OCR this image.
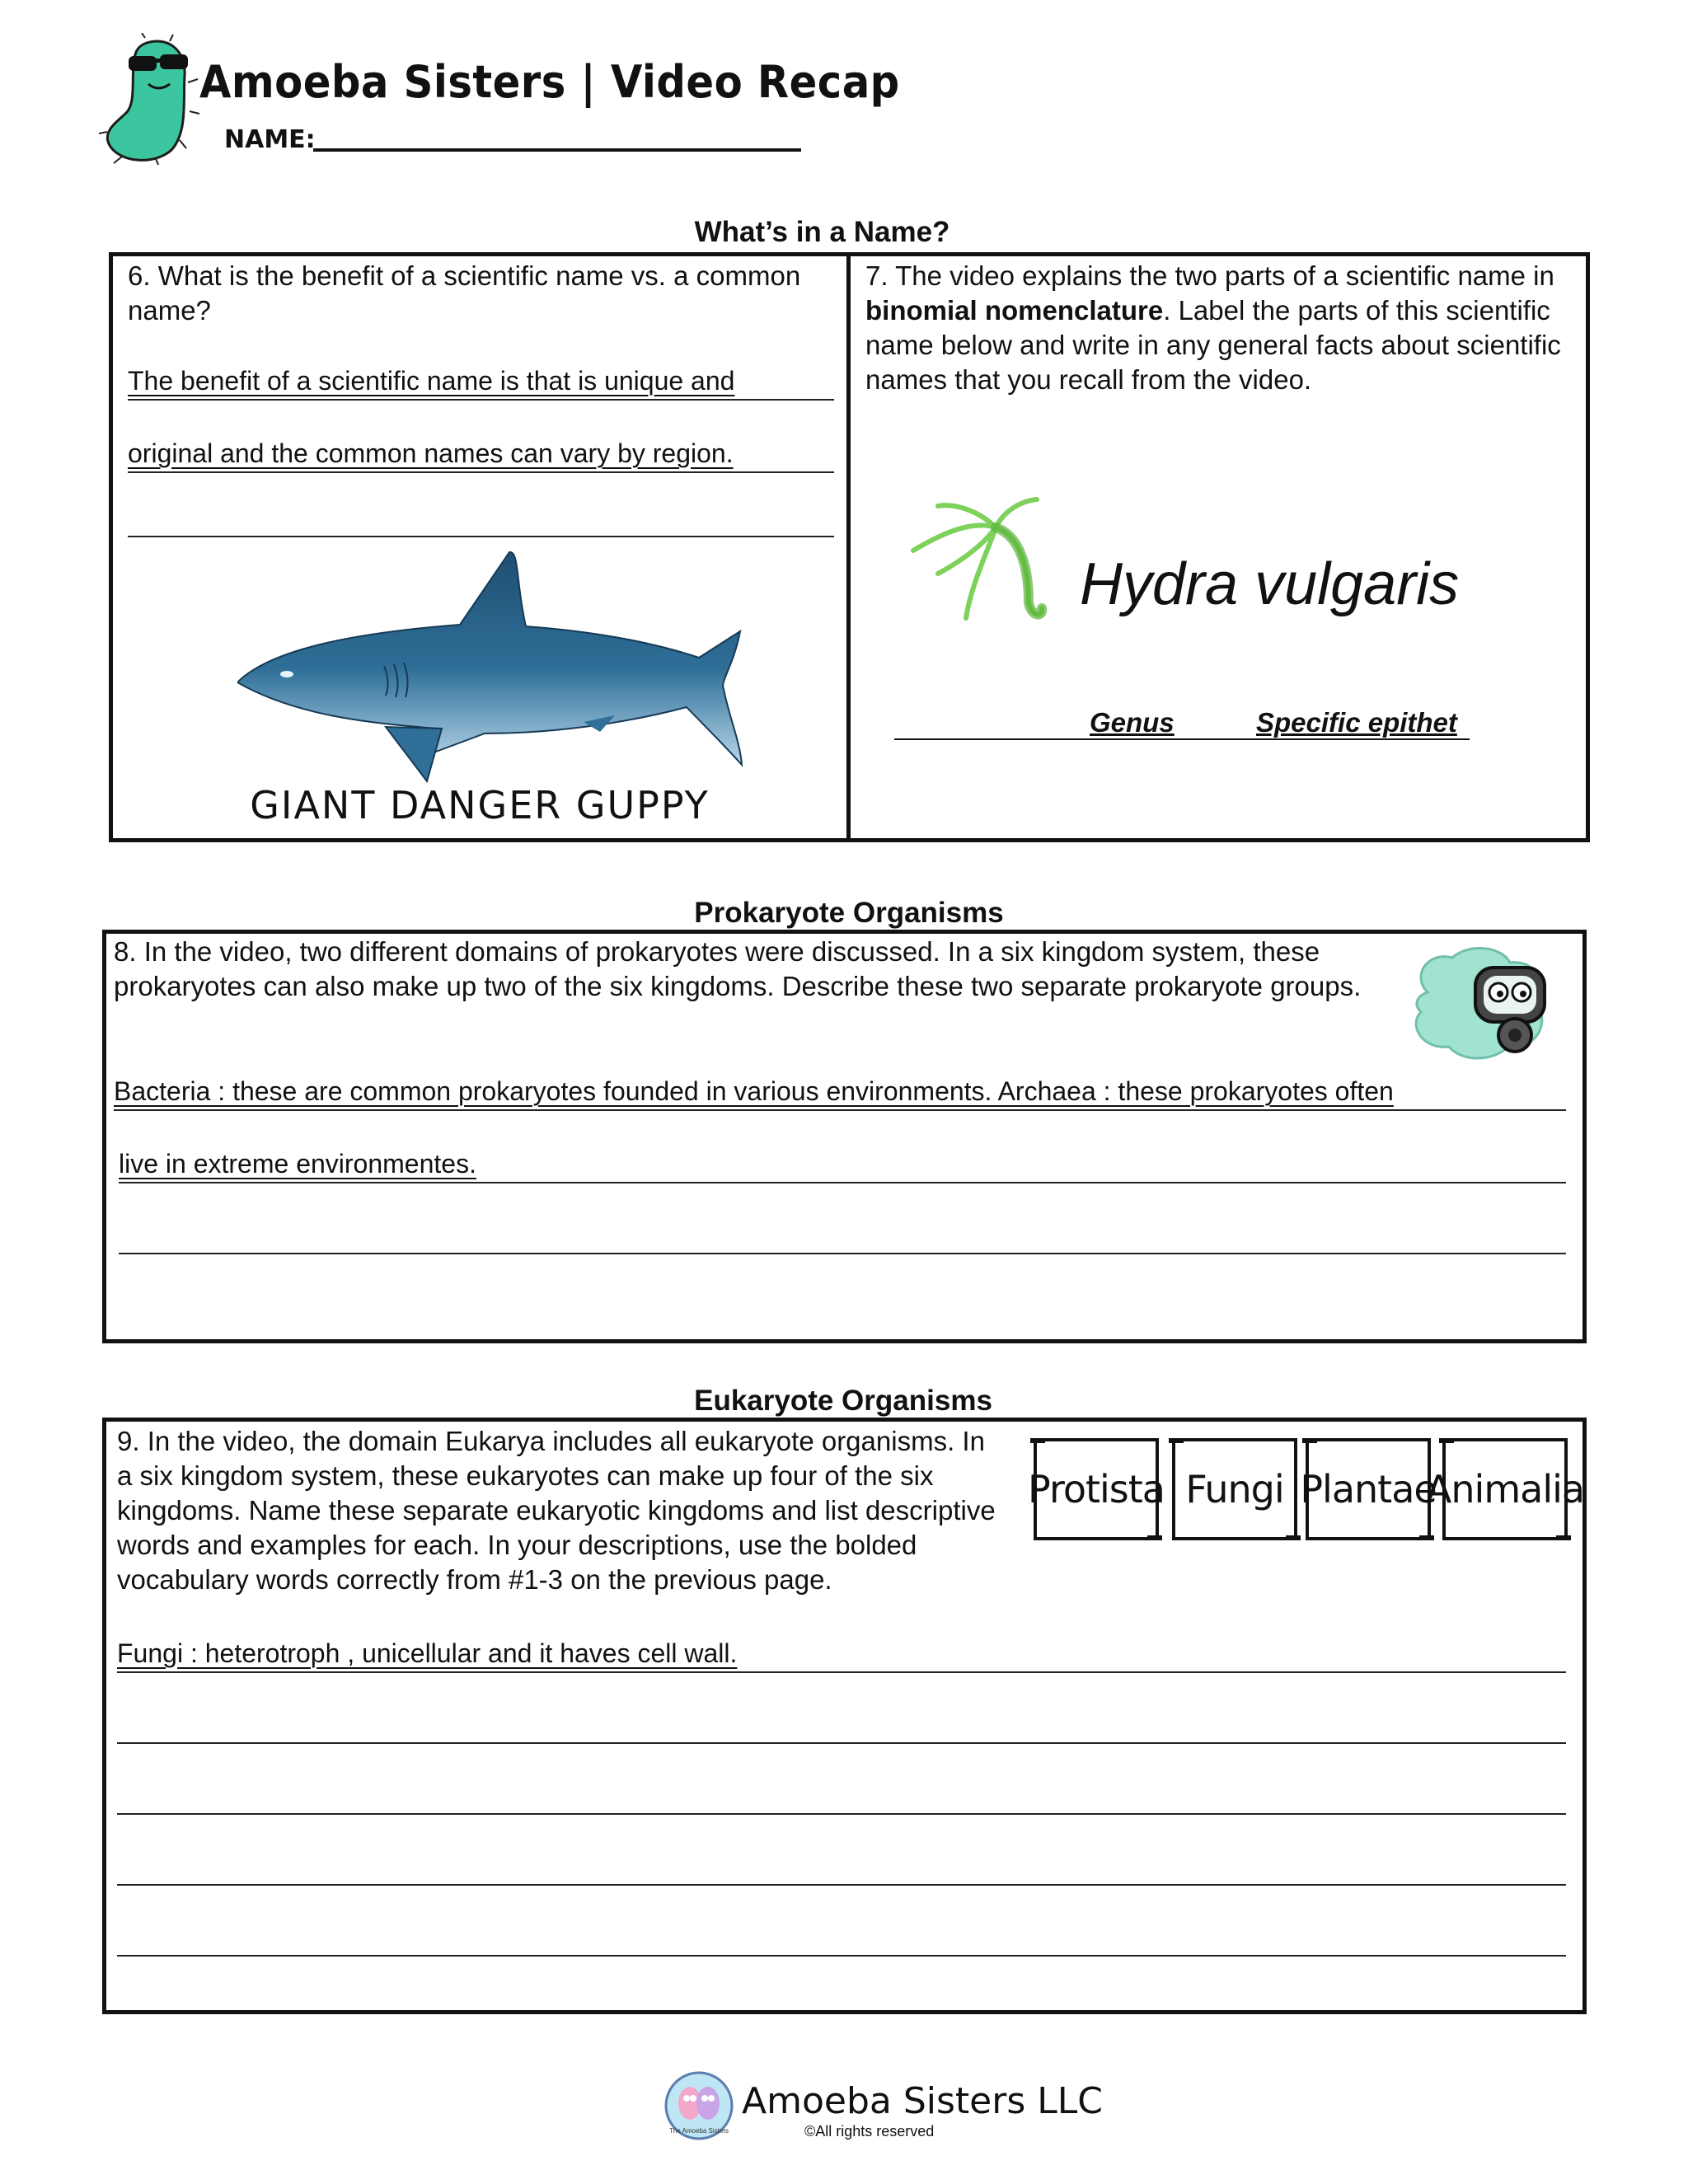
Amoeba Sisters | Video Recap
NAME:
What’s in a Name?
6. What is the benefit of a scientific name vs. a common name?
The benefit of a scientific name is that is unique and
original and the common names can vary by region.
GIANT DANGER GUPPY
7. The video explains the two parts of a scientific name in binomial nomenclature. Label the parts of this scientific name below and write in any general facts about scientific names that you recall from the video.
Hydra vulgaris
Genus	Specific epithet
Prokaryote Organisms
8. In the video, two different domains of prokaryotes were discussed. In a six kingdom system, these
prokaryotes can also make up two of the six kingdoms. Describe these two separate prokaryote groups.
Bacteria : these are common prokaryotes founded in various environments. Archaea : these prokaryotes often
live in extreme environmentes.
Eukaryote Organisms
9. In the video, the domain Eukarya includes all eukaryote organisms. In a six kingdom system, these eukaryotes can make up four of the six kingdoms. Name these separate eukaryotic kingdoms and list descriptive words and examples for each. In your descriptions, use the bolded vocabulary words correctly from #1-3 on the previous page.
Protista Fungi Plantae
Animalia
Fungi : heterotroph , unicellular and it haves cell wall.
The Amoeba Sisters
Amoeba Sisters LLC
©All rights reserved
